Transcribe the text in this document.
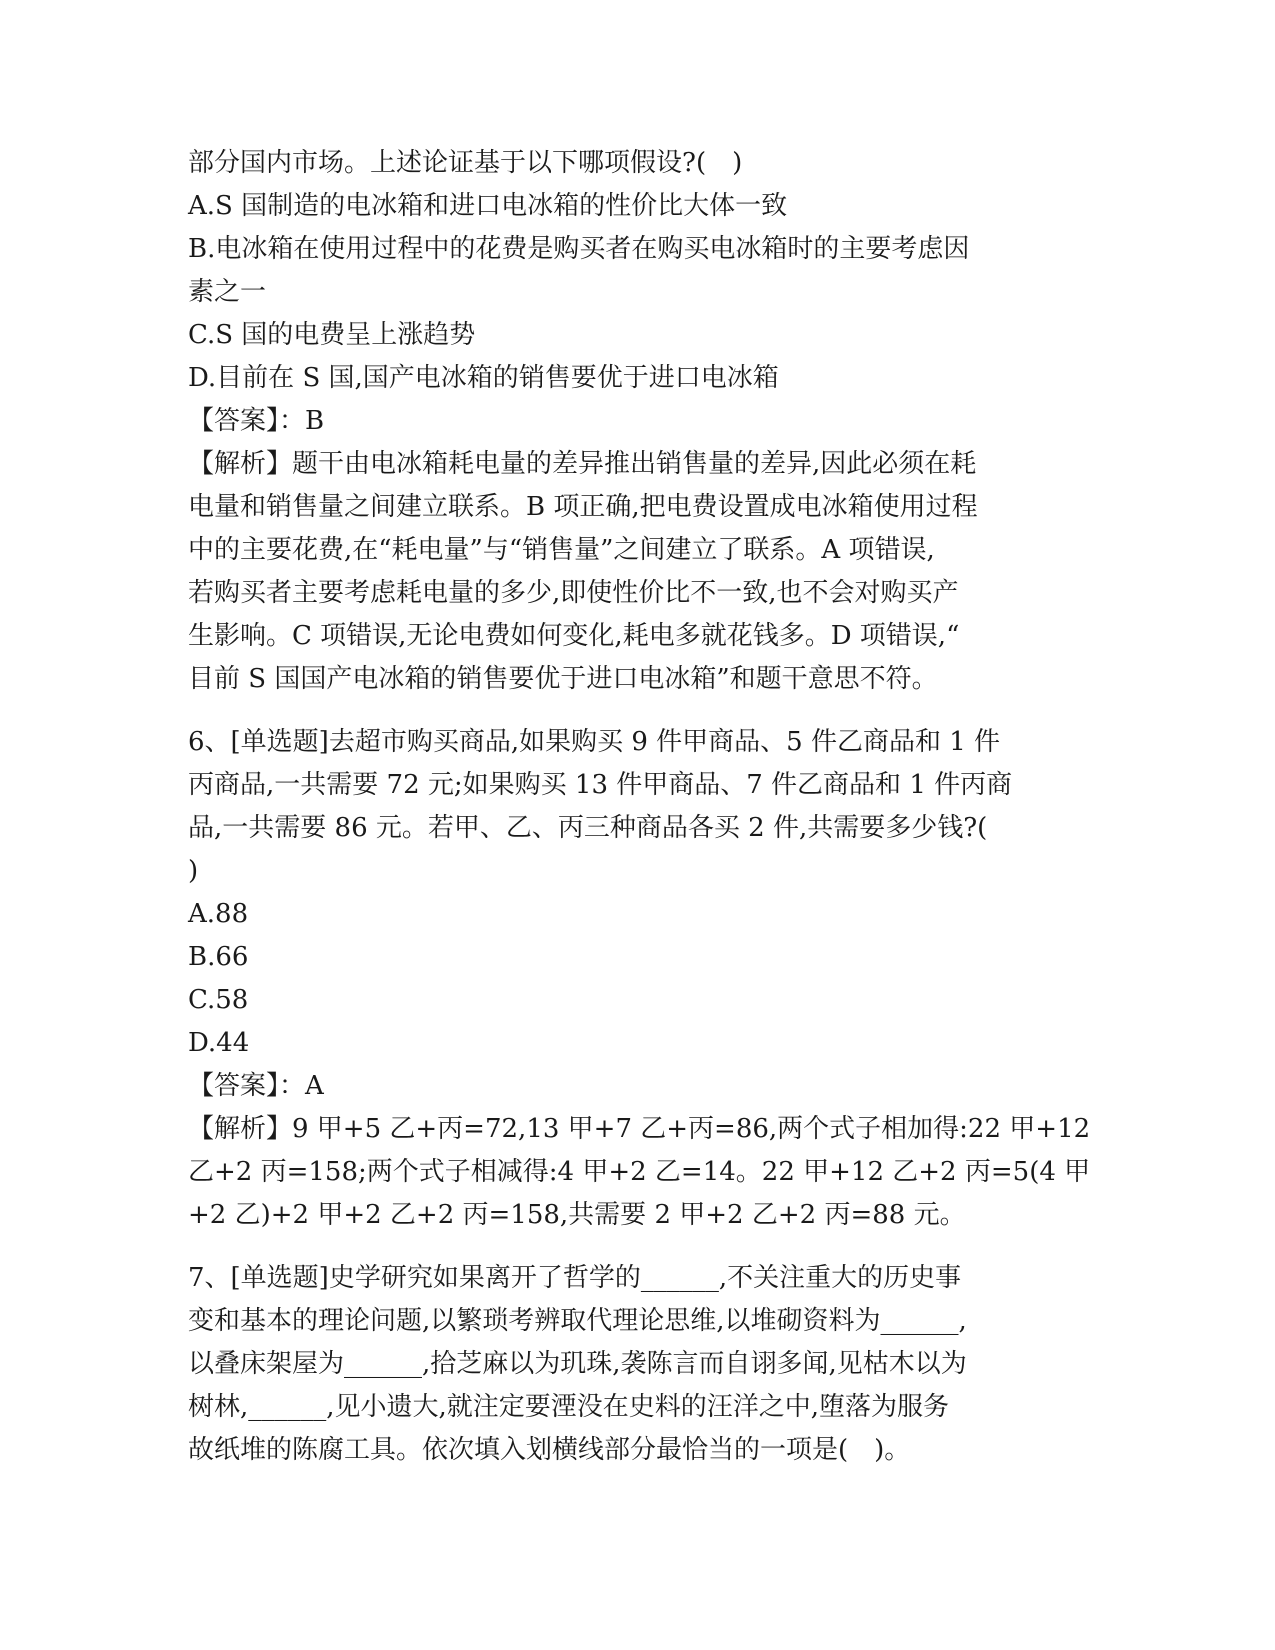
部分国内市场。上述论证基于以下哪项假设?(　)
A.S 国制造的电冰箱和进口电冰箱的性价比大体一致
B.电冰箱在使用过程中的花费是购买者在购买电冰箱时的主要考虑因
素之一
C.S 国的电费呈上涨趋势
D.目前在 S 国,国产电冰箱的销售要优于进口电冰箱
【答案】：B
【解析】题干由电冰箱耗电量的差异推出销售量的差异,因此必须在耗
电量和销售量之间建立联系。B 项正确,把电费设置成电冰箱使用过程
中的主要花费,在“耗电量”与“销售量”之间建立了联系。A 项错误,
若购买者主要考虑耗电量的多少,即使性价比不一致,也不会对购买产
生影响。C 项错误,无论电费如何变化,耗电多就花钱多。D 项错误,“
目前 S 国国产电冰箱的销售要优于进口电冰箱”和题干意思不符。
6、[单选题]去超市购买商品,如果购买 9 件甲商品、5 件乙商品和 1 件
丙商品,一共需要 72 元;如果购买 13 件甲商品、7 件乙商品和 1 件丙商
品,一共需要 86 元。若甲、乙、丙三种商品各买 2 件,共需要多少钱?(
)
A.88
B.66
C.58
D.44
【答案】：A
【解析】9 甲+5 乙+丙=72,13 甲+7 乙+丙=86,两个式子相加得:22 甲+12
乙+2 丙=158;两个式子相减得:4 甲+2 乙=14。22 甲+12 乙+2 丙=5(4 甲
+2 乙)+2 甲+2 乙+2 丙=158,共需要 2 甲+2 乙+2 丙=88 元。
7、[单选题]史学研究如果离开了哲学的______,不关注重大的历史事
变和基本的理论问题,以繁琐考辨取代理论思维,以堆砌资料为______,
以叠床架屋为______,拾芝麻以为玑珠,袭陈言而自诩多闻,见枯木以为
树林,______,见小遗大,就注定要湮没在史料的汪洋之中,堕落为服务
故纸堆的陈腐工具。依次填入划横线部分最恰当的一项是(　)。
